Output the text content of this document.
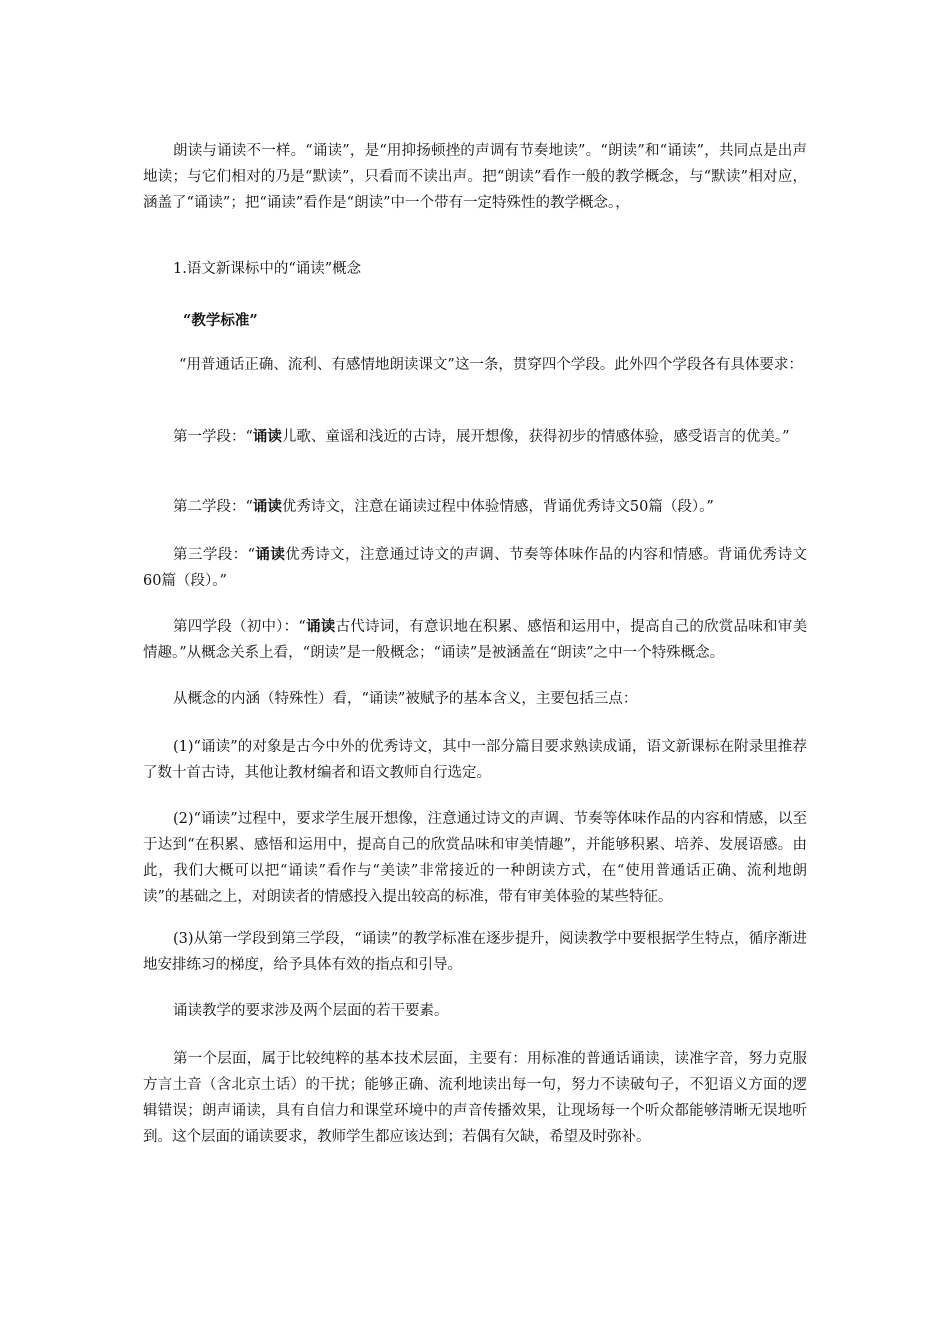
朗读与诵读不一样。“诵读”，是“用抑扬顿挫的声调有节奏地读”。“朗读”和“诵读”，共同点是出声地读；与它们相对的乃是“默读”，只看而不读出声。把“朗读”看作一般的教学概念，与“默读”相对应，涵盖了“诵读”；把“诵读”看作是“朗读”中一个带有一定特殊性的教学概念。，

1.语文新课标中的“诵读”概念

“教学标准”

“用普通话正确、流利、有感情地朗读课文”这一条，贯穿四个学段。此外四个学段各有具体要求：

第一学段：“诵读儿歌、童谣和浅近的古诗，展开想像，获得初步的情感体验，感受语言的优美。”

第二学段：“诵读优秀诗文，注意在诵读过程中体验情感，背诵优秀诗文50篇（段）。”

第三学段：“诵读优秀诗文，注意通过诗文的声调、节奏等体味作品的内容和情感。背诵优秀诗文60篇（段）。”

第四学段（初中）：“诵读古代诗词，有意识地在积累、感悟和运用中，提高自己的欣赏品味和审美情趣。”从概念关系上看，“朗读”是一般概念；“诵读”是被涵盖在“朗读”之中一个特殊概念。

从概念的内涵（特殊性）看，“诵读”被赋予的基本含义，主要包括三点：

(1)“诵读”的对象是古今中外的优秀诗文，其中一部分篇目要求熟读成诵，语文新课标在附录里推荐了数十首古诗，其他让教材编者和语文教师自行选定。

(2)“诵读”过程中，要求学生展开想像，注意通过诗文的声调、节奏等体味作品的内容和情感，以至于达到“在积累、感悟和运用中，提高自己的欣赏品味和审美情趣”，并能够积累、培养、发展语感。由此，我们大概可以把“诵读”看作与“美读”非常接近的一种朗读方式，在“使用普通话正确、流利地朗读”的基础之上，对朗读者的情感投入提出较高的标准，带有审美体验的某些特征。

(3)从第一学段到第三学段，“诵读”的教学标准在逐步提升，阅读教学中要根据学生特点，循序渐进地安排练习的梯度，给予具体有效的指点和引导。

诵读教学的要求涉及两个层面的若干要素。

第一个层面，属于比较纯粹的基本技术层面，主要有：用标准的普通话诵读，读准字音，努力克服方言土音（含北京土话）的干扰；能够正确、流利地读出每一句，努力不读破句子，不犯语义方面的逻辑错误；朗声诵读，具有自信力和课堂环境中的声音传播效果，让现场每一个听众都能够清晰无误地听到。这个层面的诵读要求，教师学生都应该达到；若偶有欠缺，希望及时弥补。
